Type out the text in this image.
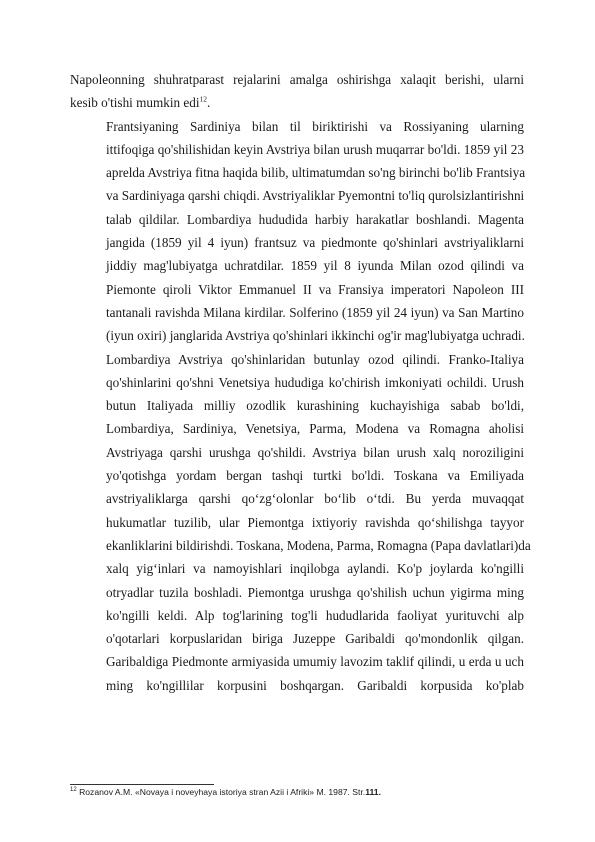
Napoleonning shuhratparast rejalarini amalga oshirishga xalaqit berishi, ularni
kesib o'tishi mumkin edi$^{12}$.

Frantsiyaning Sardiniya bilan til biriktirishi va Rossiyaning ularning
ittifoqiga qo'shilishidan keyin Avstriya bilan urush muqarrar bo'ldi. 1859 yil 23
aprelda Avstriya fitna haqida bilib, ultimatumdan so'ng birinchi bo'lib Frantsiya
va Sardiniyaga qarshi chiqdi. Avstriyaliklar Pyemontni to'liq qurolsizlantirishni
talab qildilar. Lombardiya hududida harbiy harakatlar boshlandi. Magenta
jangida (1859 yil 4 iyun) frantsuz va piedmonte qo'shinlari avstriyaliklarni
jiddiy mag'lubiyatga uchratdilar. 1859 yil 8 iyunda Milan ozod qilindi va
Piemonte qiroli Viktor Emmanuel II va Fransiya imperatori Napoleon III
tantanali ravishda Milana kirdilar. Solferino (1859 yil 24 iyun) va San Martino
(iyun oxiri) janglarida Avstriya qo'shinlari ikkinchi og'ir mag'lubiyatga uchradi.
Lombardiya Avstriya qo'shinlaridan butunlay ozod qilindi. Franko-Italiya
qo'shinlarini qo'shni Venetsiya hududiga ko'chirish imkoniyati ochildi. Urush
butun Italiyada milliy ozodlik kurashining kuchayishiga sabab bo'ldi,
Lombardiya, Sardiniya, Venetsiya, Parma, Modena va Romagna aholisi
Avstriyaga qarshi urushga qo'shildi. Avstriya bilan urush xalq noroziligini
yo'qotishga yordam bergan tashqi turtki bo'ldi. Toskana va Emiliyada
avstriyaliklarga qarshi qo‘zg‘olonlar bo‘lib o‘tdi. Bu yerda muvaqqat
hukumatlar tuzilib, ular Piemontga ixtiyoriy ravishda qo‘shilishga tayyor
ekanliklarini bildirishdi. Toskana, Modena, Parma, Romagna (Papa davlatlari)da
xalq yig‘inlari va namoyishlari inqilobga aylandi. Ko'p joylarda ko'ngilli
otryadlar tuzila boshladi. Piemontga urushga qo'shilish uchun yigirma ming
ko'ngilli keldi. Alp tog'larining tog'li hududlarida faoliyat yurituvchi alp
o'qotarlari korpuslaridan biriga Juzeppe Garibaldi qo'mondonlik qilgan.
Garibaldiga Piedmonte armiyasida umumiy lavozim taklif qilindi, u erda u uch
ming ko'ngillilar korpusini boshqargan. Garibaldi korpusida ko'plab

$^{12}$ Rozanov A.M. «Novaya i noveyhaya istoriya stran Azii i Afriki» M. 1987. Str.111.
